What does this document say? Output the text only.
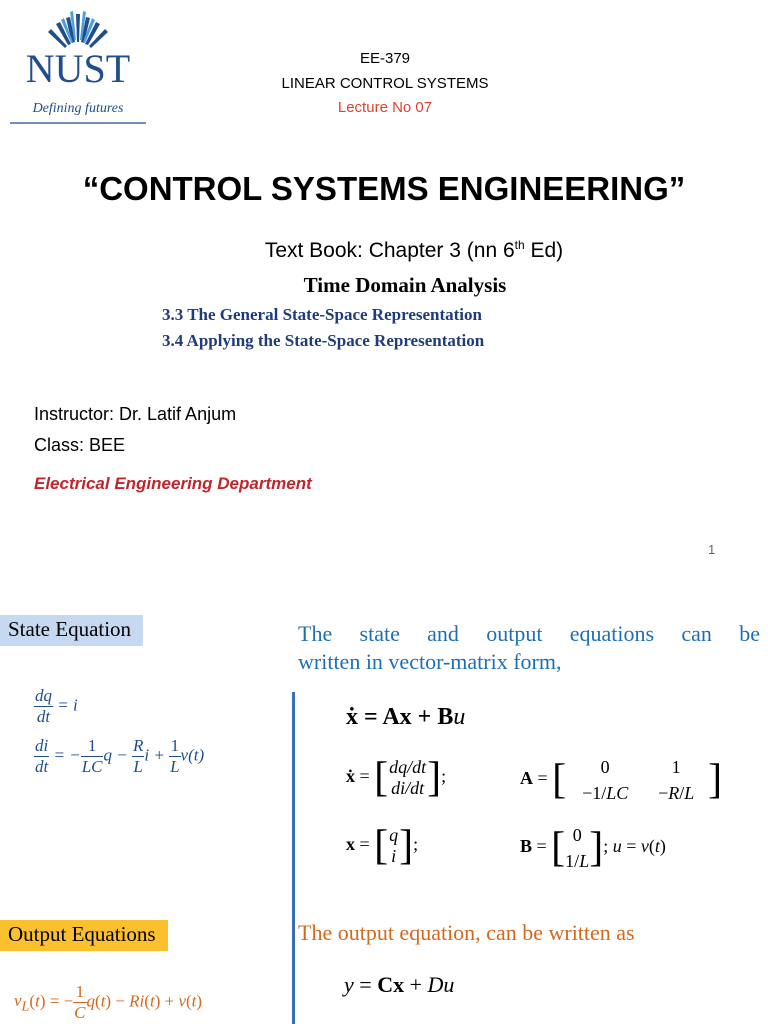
NUST
Defining futures
EE-379
LINEAR CONTROL SYSTEMS
Lecture No 07
“CONTROL SYSTEMS ENGINEERING”
Text Book: Chapter 3 (nn 6th Ed)
Time Domain Analysis
3.3 The General State-Space Representation
3.4 Applying the State-Space Representation
Instructor: Dr. Latif Anjum
Class: BEE
Electrical Engineering Department
1
State Equation	The state and output equations can be
written in vector-matrix form,
$\frac{dq}{dt} = i$
$\frac{di}{dt}$ = − $\frac{1}{LC}$ $q - \frac{R}{L}$ $i + \frac{1}{L} v(t)$
ẋ = Ax + Bu
ẋ = [ dq/dt
di/dt ];	A = [ 0	1
−1/LC −R/L ]
x = [ q
i ];	B = [ 0
1/L]; u = v(t)
Output Equations	The output equation, can be written as
y = Cx + Du
$v_L(t)$ = − $\frac{1}{C} q(t) - Ri(t) + v(t)$
